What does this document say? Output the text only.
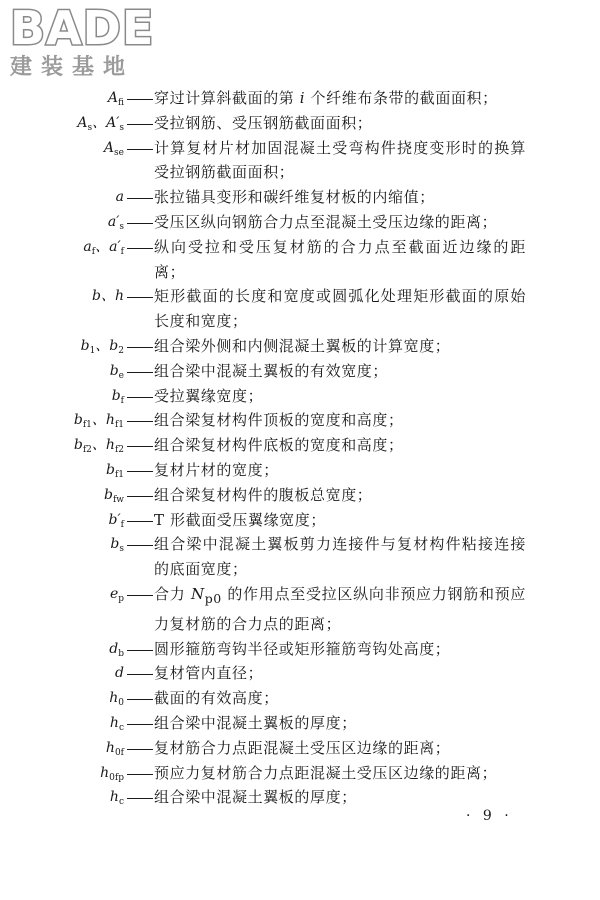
BADE
建装基地
$A_{fi}$ 穿过计算斜截面的第 i 个纤维布条带的截面面积；
$A_s$、$A'_s$ 受拉钢筋、受压钢筋截面面积；
$A_{se}$ 计算复材片材加固混凝土受弯构件挠度变形时的换算受拉钢筋截面面积；
a 张拉锚具变形和碳纤维复材板的内缩值；
$a'_s$ 受压区纵向钢筋合力点至混凝土受压边缘的距离；
$a_f$、$a'_f$ 纵向受拉和受压复材筋的合力点至截面近边缘的距离；
b、h 矩形截面的长度和宽度或圆弧化处理矩形截面的原始长度和宽度；
$b_1$、$b_2$ 组合梁外侧和内侧混凝土翼板的计算宽度；
$b_e$ 组合梁中混凝土翼板的有效宽度；
$b_f$ 受拉翼缘宽度；
$b_{f1}$、$h_{f1}$ 组合梁复材构件顶板的宽度和高度；
$b_{f2}$、$h_{f2}$ 组合梁复材构件底板的宽度和高度；
$b_{f1}$ 复材片材的宽度；
$b_{fw}$ 组合梁复材构件的腹板总宽度；
$b'_f$ T 形截面受压翼缘宽度；
$b_s$ 组合梁中混凝土翼板剪力连接件与复材构件粘接连接的底面宽度；
$e_p$ 合力 $N_{p0}$ 的作用点至受拉区纵向非预应力钢筋和预应力复材筋的合力点的距离；
$d_b$ 圆形箍筋弯钩半径或矩形箍筋弯钩处高度；
d 复材管内直径；
$h_0$ 截面的有效高度；
$h_c$ 组合梁中混凝土翼板的厚度；
$h_{0f}$ 复材筋合力点距混凝土受压区边缘的距离；
$h_{0fp}$ 预应力复材筋合力点距混凝土受压区边缘的距离；
$h_c$ 组合梁中混凝土翼板的厚度；
· 9 ·
